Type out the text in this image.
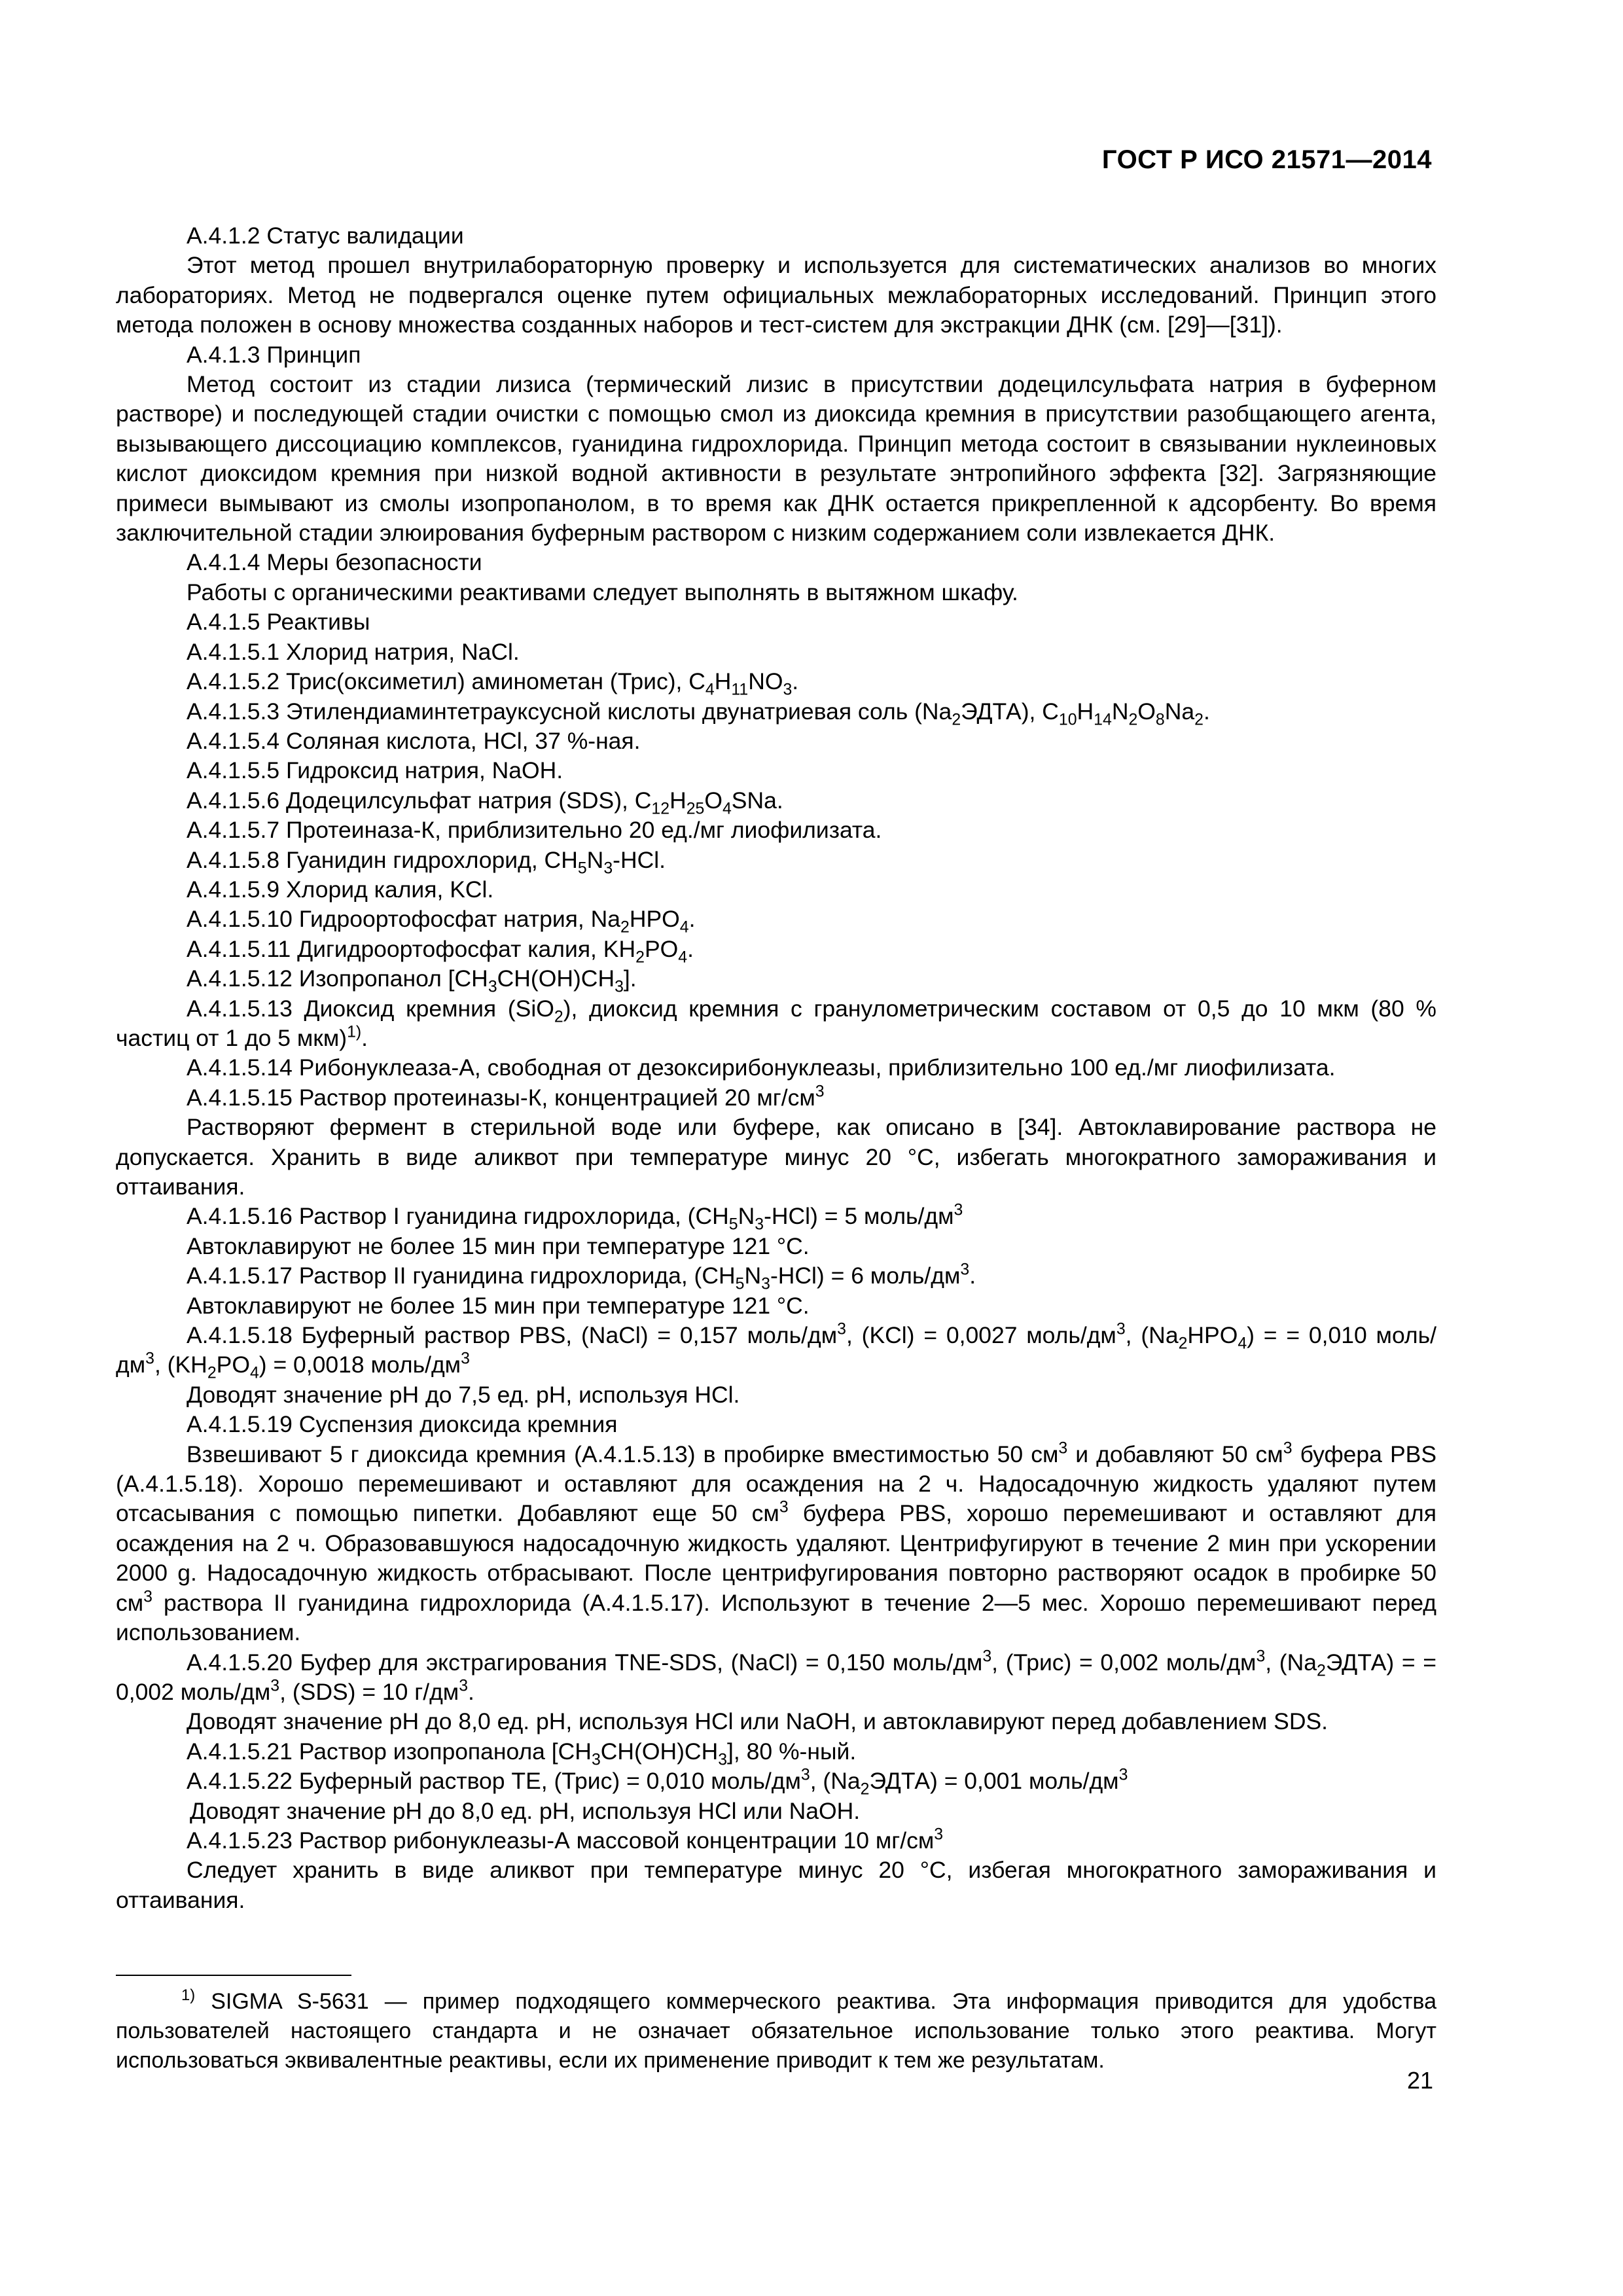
ГОСТ Р ИСО 21571—2014

А.4.1.2 Статус валидации

Этот метод прошел внутрилабораторную проверку и используется для систематических анализов во многих лабораториях. Метод не подвергался оценке путем официальных межлабораторных исследований. Принцип этого метода положен в основу множества созданных наборов и тест-систем для экстракции ДНК (см. [29]—[31]).

А.4.1.3 Принцип

Метод состоит из стадии лизиса (термический лизис в присутствии додецилсульфата натрия в буферном растворе) и последующей стадии очистки с помощью смол из диоксида кремния в присутствии разобщающего агента, вызывающего диссоциацию комплексов, гуанидина гидрохлорида. Принцип метода состоит в связывании нуклеиновых кислот диоксидом кремния при низкой водной активности в результате энтропийного эффекта [32]. Загрязняющие примеси вымывают из смолы изопропанолом, в то время как ДНК остается прикрепленной к адсорбенту. Во время заключительной стадии элюирования буферным раствором с низким содержанием соли извлекается ДНК.

А.4.1.4 Меры безопасности

Работы с органическими реактивами следует выполнять в вытяжном шкафу.

А.4.1.5 Реактивы

А.4.1.5.1 Хлорид натрия, NaCl.

А.4.1.5.2 Трис(оксиметил) аминометан (Трис), $C_4H_{11}NO_3$.

А.4.1.5.3 Этилендиаминтетрауксусной кислоты двунатриевая соль $(Na_2ЭДТА)$, $C_{10}H_{14}N_2O_8Na_2$.

А.4.1.5.4 Соляная кислота, HCl, 37 %-ная.

А.4.1.5.5 Гидроксид натрия, NaOH.

А.4.1.5.6 Додецилсульфат натрия (SDS), $C_{12}H_{25}O_4SNa$.

А.4.1.5.7 Протеиназа-К, приблизительно 20 ед./мг лиофилизата.

А.4.1.5.8 Гуанидин гидрохлорид, $CH_5N_3$-HCl.

А.4.1.5.9 Хлорид калия, KCl.

А.4.1.5.10 Гидроортофосфат натрия, $Na_2HPO_4$.

А.4.1.5.11 Дигидроортофосфат калия, $KH_2PO_4$.

А.4.1.5.12 Изопропанол $[CH_3CH(OH)CH_3]$.

А.4.1.5.13 Диоксид кремния (SiO$_2$), диоксид кремния с гранулометрическим составом от 0,5 до 10 мкм (80 % частиц от 1 до 5 мкм)$^{1)}$.

А.4.1.5.14 Рибонуклеаза-А, свободная от дезоксирибонуклеазы, приблизительно 100 ед./мг лиофилизата.

А.4.1.5.15 Раствор протеиназы-К, концентрацией 20 $мг/см^3$

Растворяют фермент в стерильной воде или буфере, как описано в [34]. Автоклавирование раствора не допускается. Хранить в виде аликвот при температуре минус 20 °C, избегать многократного замораживания и оттаивания.

А.4.1.5.16 Раствор I гуанидина гидрохлорида, $(CH_5N_3-HCl) = 5$ моль/$дм^3$

Автоклавируют не более 15 мин при температуре 121 °C.

А.4.1.5.17 Раствор II гуанидина гидрохлорида, $(CH_5N_3-HCl) = 6$ моль/$дм^3$.

Автоклавируют не более 15 мин при температуре 121 °C.

А.4.1.5.18 Буферный раствор PBS, (NaCl) = 0,157 моль/$дм^3$, (KCl) = 0,0027 моль/$дм^3$, $(Na_2HPO_4)$ = = 0,010 моль/$дм^3$, $(KH_2PO_4) = 0,0018$ моль/$дм^3$

Доводят значение pH до 7,5 ед. pH, используя HCl.

А.4.1.5.19 Суспензия диоксида кремния

Взвешивают 5 г диоксида кремния (А.4.1.5.13) в пробирке вместимостью 50 $см^3$ и добавляют 50 $см^3$ буфера PBS (А.4.1.5.18). Хорошо перемешивают и оставляют для осаждения на 2 ч. Надосадочную жидкость удаляют путем отсасывания с помощью пипетки. Добавляют еще 50 $см^3$ буфера PBS, хорошо перемешивают и оставляют для осаждения на 2 ч. Образовавшуюся надосадочную жидкость удаляют. Центрифугируют в течение 2 мин при ускорении 2000 g. Надосадочную жидкость отбрасывают. После центрифугирования повторно растворяют осадок в пробирке 50 $см^3$ раствора II гуанидина гидрохлорида (А.4.1.5.17). Используют в течение 2—5 мес. Хорошо перемешивают перед использованием.

А.4.1.5.20 Буфер для экстрагирования TNE-SDS, (NaCl) = 0,150 моль/$дм^3$, (Трис) = 0,002 моль/$дм^3$, $(Na_2ЭДТА)$ = = 0,002 моль/$дм^3$, (SDS) = 10 $г/дм^3$.

Доводят значение pH до 8,0 ед. pH, используя HCl или NaOH, и автоклавируют перед добавлением SDS.

А.4.1.5.21 Раствор изопропанола $[CH_3CH(OH)CH_3]$, 80 %-ный.

А.4.1.5.22 Буферный раствор TE, (Трис) = 0,010 моль/$дм^3$, $(Na_2ЭДТА) = 0,001$ моль/$дм^3$

Доводят значение pH до 8,0 ед. pH, используя HCl или NaOH.

А.4.1.5.23 Раствор рибонуклеазы-А массовой концентрации 10 $мг/см^3$

Следует хранить в виде аликвот при температуре минус 20 °C, избегая многократного замораживания и оттаивания.

$^{1)}$ SIGMA S-5631 — пример подходящего коммерческого реактива. Эта информация приводится для удобства пользователей настоящего стандарта и не означает обязательное использование только этого реактива. Могут использоваться эквивалентные реактивы, если их применение приводит к тем же результатам.

21
